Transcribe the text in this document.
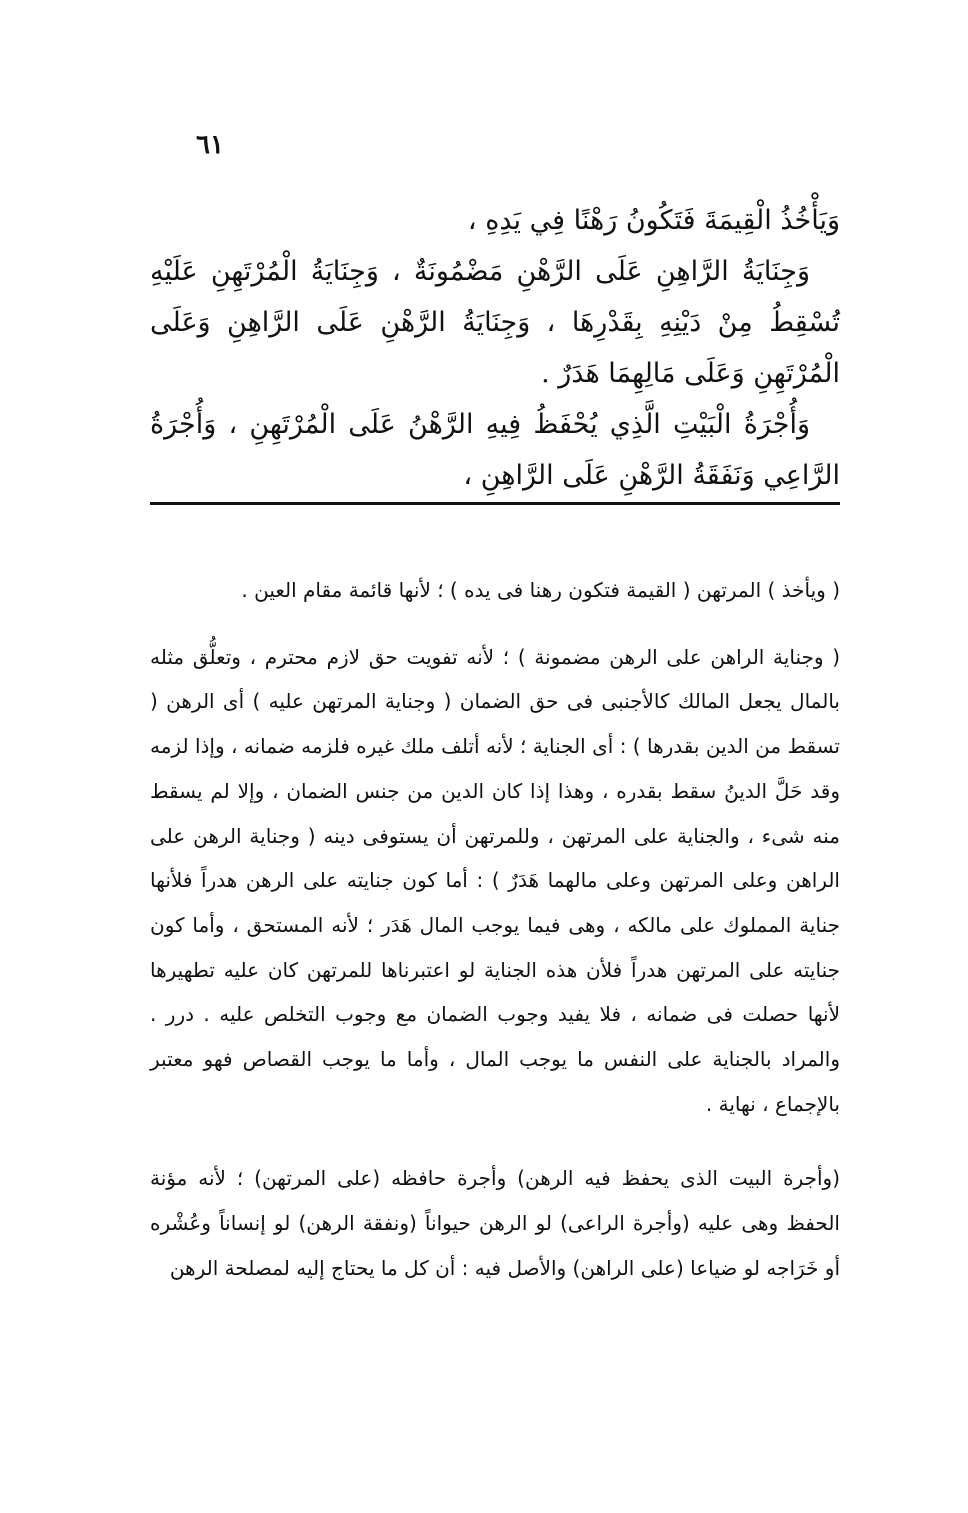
٦١

وَيَأْخُذُ الْقِيمَةَ فَتَكُونُ رَهْنًا فِي يَدِهِ ،

وَجِنَايَةُ الرَّاهِنِ عَلَى الرَّهْنِ مَضْمُونَةٌ ، وَجِنَايَةُ الْمُرْتَهِنِ عَلَيْهِ تُسْقِطُ مِنْ دَيْنِهِ بِقَدْرِهَا ، وَجِنَايَةُ الرَّهْنِ عَلَى الرَّاهِنِ وَعَلَى الْمُرْتَهِنِ وَعَلَى مَالِهِمَا هَدَرٌ .

وَأُجْرَةُ الْبَيْتِ الَّذِي يُحْفَظُ فِيهِ الرَّهْنُ عَلَى الْمُرْتَهِنِ ، وَأُجْرَةُ الرَّاعِي وَنَفَقَةُ الرَّهْنِ عَلَى الرَّاهِنِ ،

( ويأخذ ) المرتهن ( القيمة فتكون رهنا فى يده ) ؛ لأنها قائمة مقام العين .

( وجناية الراهن على الرهن مضمونة ) ؛ لأنه تفويت حق لازم محترم ، وتعلُّق مثله بالمال يجعل المالك كالأجنبى فى حق الضمان ( وجناية المرتهن عليه ) أى الرهن ( تسقط من الدين بقدرها ) : أى الجناية ؛ لأنه أتلف ملك غيره فلزمه ضمانه ، وإذا لزمه وقد حَلَّ الدينُ سقط بقدره ، وهذا إذا كان الدين من جنس الضمان ، وإلا لم يسقط منه شىء ، والجناية على المرتهن ، وللمرتهن أن يستوفى دينه ( وجناية الرهن على الراهن وعلى المرتهن وعلى مالهما هَدَرٌ ) : أما كون جنايته على الرهن هدراً فلأنها جناية المملوك على مالكه ، وهى فيما يوجب المال هَدَر ؛ لأنه المستحق ، وأما كون جنايته على المرتهن هدراً فلأن هذه الجناية لو اعتبرناها للمرتهن كان عليه تطهيرها لأنها حصلت فى ضمانه ، فلا يفيد وجوب الضمان مع وجوب التخلص عليه . درر . والمراد بالجناية على النفس ما يوجب المال ، وأما ما يوجب القصاص فهو معتبر بالإجماع ، نهاية .

(وأجرة البيت الذى يحفظ فيه الرهن) وأجرة حافظه (على المرتهن) ؛ لأنه مؤنة الحفظ وهى عليه (وأجرة الراعى) لو الرهن حيواناً (ونفقة الرهن) لو إنساناً وعُشْره أو خَرَاجه لو ضياعا (على الراهن) والأصل فيه : أن كل ما يحتاج إليه لمصلحة الرهن
